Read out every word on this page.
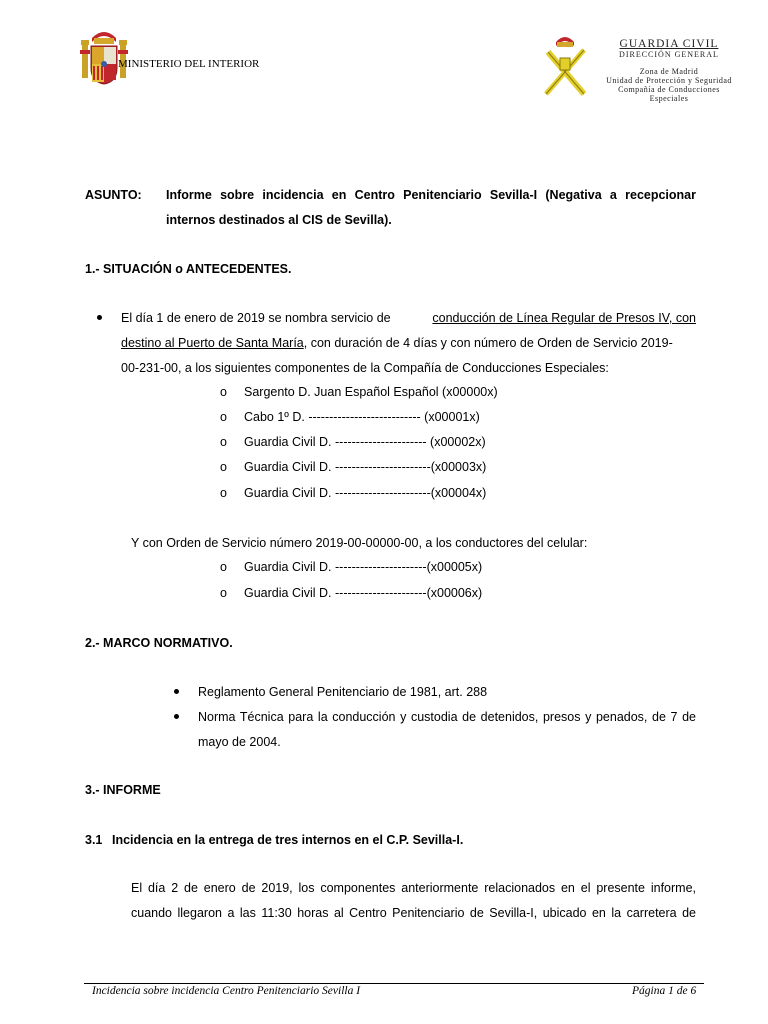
MINISTERIO DEL INTERIOR
GUARDIA CIVIL
DIRECCIÓN GENERAL
Zona de Madrid
Unidad de Protección y Seguridad
Compañía de Conducciones
Especiales
ASUNTO: Informe sobre incidencia en Centro Penitenciario Sevilla-I (Negativa a recepcionar
internos destinados al CIS de Sevilla).
1.- SITUACIÓN o ANTECEDENTES.
El día 1 de enero de 2019 se nombra servicio de	conducción de Línea Regular de Presos IV, con
destino al Puerto de Santa María, con duración de 4 días y con número de Orden de Servicio 2019-
00-231-00, a los siguientes componentes de la Compañía de Conducciones Especiales:
o Sargento D. Juan Español Español (x00000x)
o Cabo 1º D. --------------------------- (x00001x)
o Guardia Civil D. ---------------------- (x00002x)
o Guardia Civil D. -----------------------(x00003x)
o Guardia Civil D. -----------------------(x00004x)
Y con Orden de Servicio número 2019-00-00000-00, a los conductores del celular:
o Guardia Civil D. ----------------------(x00005x)
o Guardia Civil D. ----------------------(x00006x)
2.- MARCO NORMATIVO.
Reglamento General Penitenciario de 1981, art. 288
Norma Técnica para la conducción y custodia de detenidos, presos y penados, de 7 de
mayo de 2004.
3.- INFORME
3.1 Incidencia en la entrega de tres internos en el C.P. Sevilla-I.
El día 2 de enero de 2019, los componentes anteriormente relacionados en el presente informe,
cuando llegaron a las 11:30 horas al Centro Penitenciario de Sevilla-I, ubicado en la carretera de
Incidencia sobre incidencia Centro Penitenciario Sevilla I	Página 1 de 6
